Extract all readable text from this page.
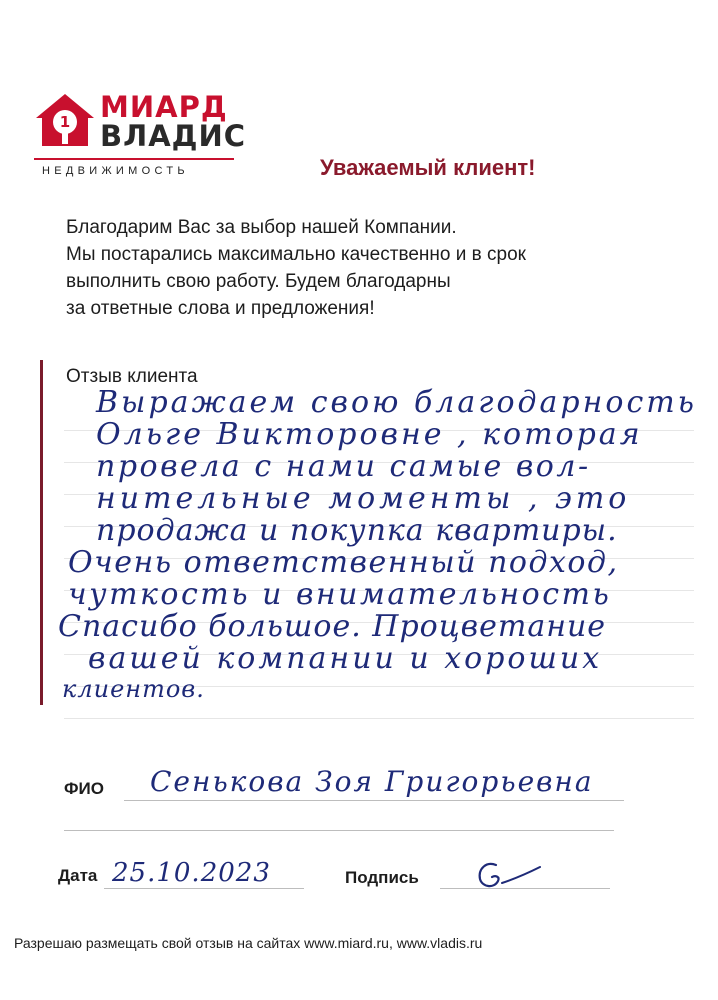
1 МИАРД
ВЛАДИС
НЕДВИЖИМОСТЬ	Уважаемый клиент!
Благодарим Вас за выбор нашей Компании.
Мы постарались максимально качественно и в срок
выполнить свою работу. Будем благодарны
за ответные слова и предложения!
Отзыв клиента
Выражаем свою благодарность
Ольге Викторовне , которая
провела с нами самые вол-
нительные моменты , это
продажа и покупка квартиры.
Очень ответственный подход,
чуткость и внимательность
Спасибо большое. Процветание
вашей компании и хороших
клиентов.
ФИО Сенькова Зоя Григорьевна
Дата 25.10.2023	Подпись
Разрешаю размещать свой отзыв на сайтах www.miard.ru, www.vladis.ru
